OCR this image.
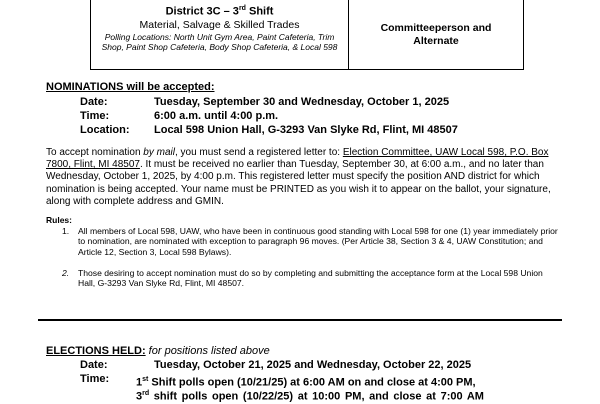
District 3C – 3rd Shift
Material, Salvage & Skilled Trades
Polling Locations: North Unit Gym Area, Paint Cafeteria, Trim Shop, Paint Shop Cafeteria, Body Shop Cafeteria, & Local 598
Committeeperson and Alternate
NOMINATIONS will be accepted:
Date:	Tuesday, September 30 and Wednesday, October 1, 2025
Time:	6:00 a.m. until 4:00 p.m.
Location: Local 598 Union Hall, G-3293 Van Slyke Rd, Flint, MI 48507
To accept nomination by mail, you must send a registered letter to: Election Committee, UAW Local 598, P.O. Box 7800, Flint, MI 48507. It must be received no earlier than Tuesday, September 30, at 6:00 a.m., and no later than Wednesday, October 1, 2025, by 4:00 p.m. This registered letter must specify the position AND district for which nomination is being accepted. Your name must be PRINTED as you wish it to appear on the ballot, your signature, along with complete address and GMIN.
Rules:
1. All members of Local 598, UAW, who have been in continuous good standing with Local 598 for one (1) year immediately prior to nomination, are nominated with exception to paragraph 96 moves. (Per Article 38, Section 3 & 4, UAW Constitution; and Article 12, Section 3, Local 598 Bylaws).
2. Those desiring to accept nomination must do so by completing and submitting the acceptance form at the Local 598 Union Hall, G-3293 Van Slyke Rd, Flint, MI 48507.
ELECTIONS HELD: for positions listed above
Date:	Tuesday, October 21, 2025 and Wednesday, October 22, 2025
Time: 1st Shift polls open (10/21/25) at 6:00 AM on and close at 4:00 PM,
3rd shift polls open (10/22/25) at 10:00 PM, and close at 7:00 AM
